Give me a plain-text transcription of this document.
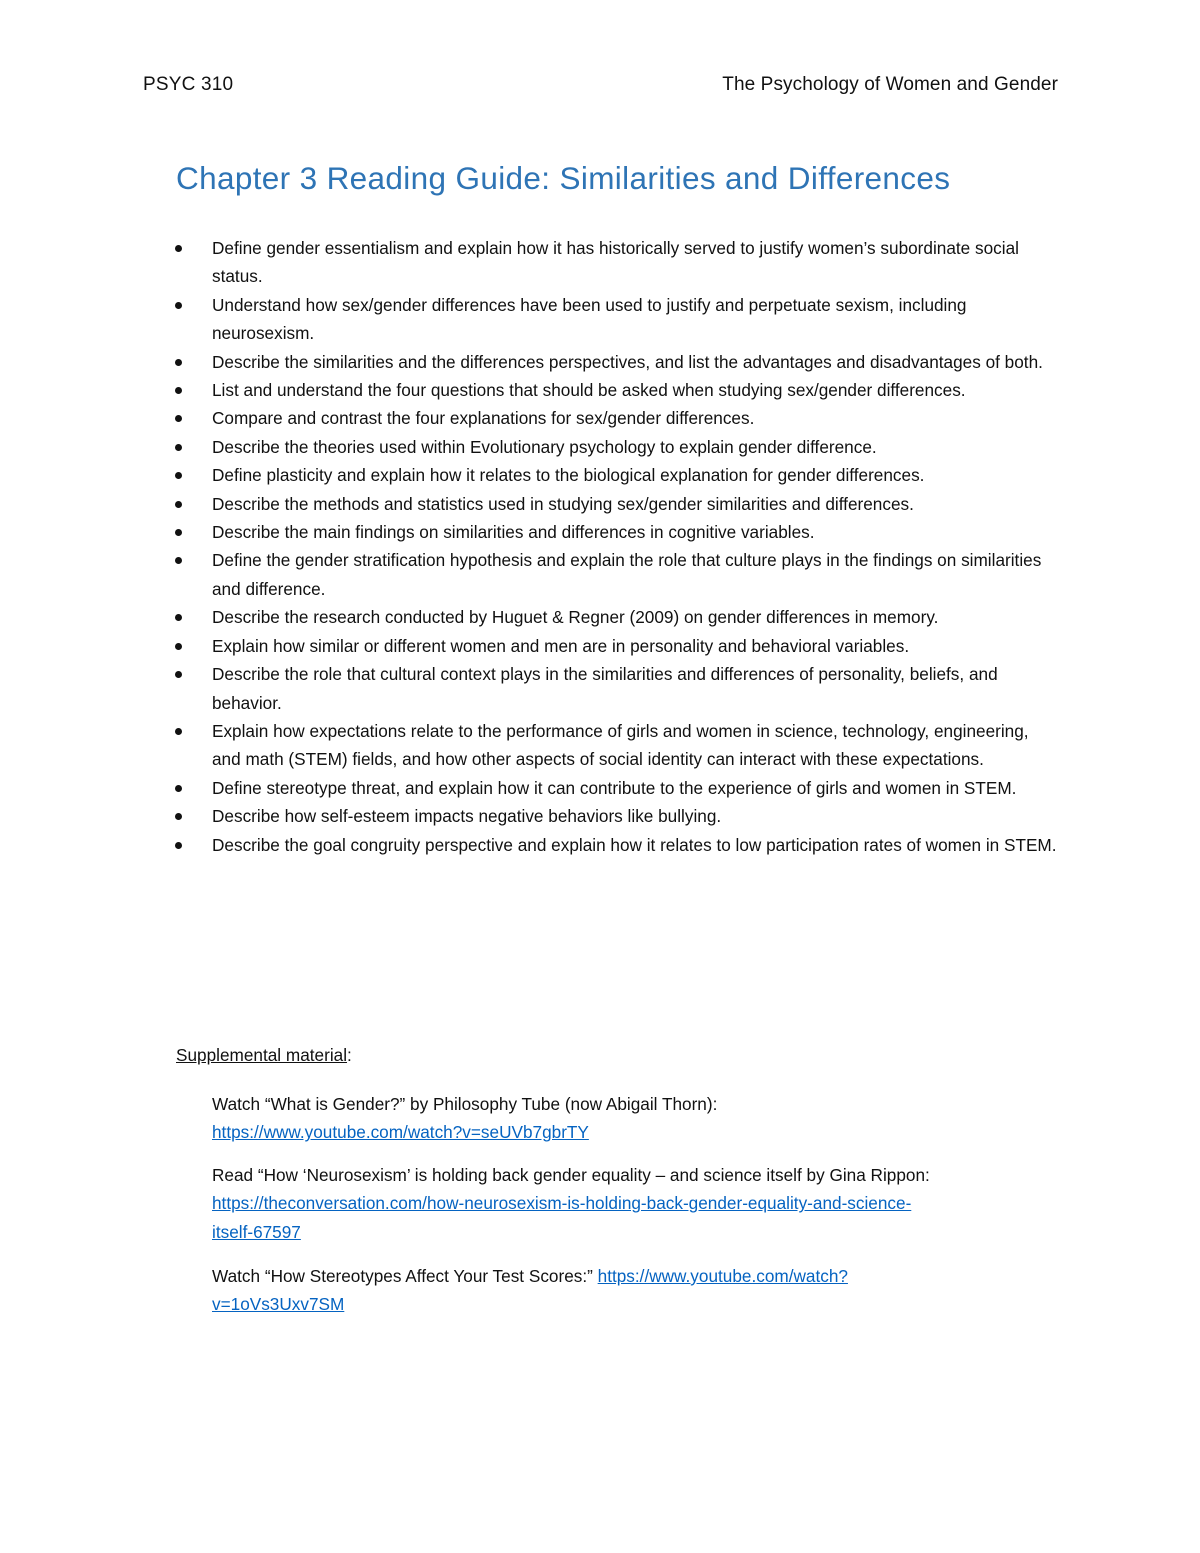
PSYC 310	The Psychology of Women and Gender
Chapter 3 Reading Guide: Similarities and Differences
Define gender essentialism and explain how it has historically served to justify women’s subordinate social status.
Understand how sex/gender differences have been used to justify and perpetuate sexism, including neurosexism.
Describe the similarities and the differences perspectives, and list the advantages and disadvantages of both.
List and understand the four questions that should be asked when studying sex/gender differences.
Compare and contrast the four explanations for sex/gender differences.
Describe the theories used within Evolutionary psychology to explain gender difference.
Define plasticity and explain how it relates to the biological explanation for gender differences.
Describe the methods and statistics used in studying sex/gender similarities and differences.
Describe the main findings on similarities and differences in cognitive variables.
Define the gender stratification hypothesis and explain the role that culture plays in the findings on similarities and difference.
Describe the research conducted by Huguet & Regner (2009) on gender differences in memory.
Explain how similar or different women and men are in personality and behavioral variables.
Describe the role that cultural context plays in the similarities and differences of personality, beliefs, and behavior.
Explain how expectations relate to the performance of girls and women in science, technology, engineering, and math (STEM) fields, and how other aspects of social identity can interact with these expectations.
Define stereotype threat, and explain how it can contribute to the experience of girls and women in STEM.
Describe how self-esteem impacts negative behaviors like bullying.
Describe the goal congruity perspective and explain how it relates to low participation rates of women in STEM.
Supplemental material:
Watch “What is Gender?” by Philosophy Tube (now Abigail Thorn):
https://www.youtube.com/watch?v=seUVb7gbrTY
Read “How ‘Neurosexism’ is holding back gender equality – and science itself by Gina Rippon:
https://theconversation.com/how-neurosexism-is-holding-back-gender-equality-and-science-
itself-67597
Watch “How Stereotypes Affect Your Test Scores:” https://www.youtube.com/watch?
v=1oVs3Uxv7SM
